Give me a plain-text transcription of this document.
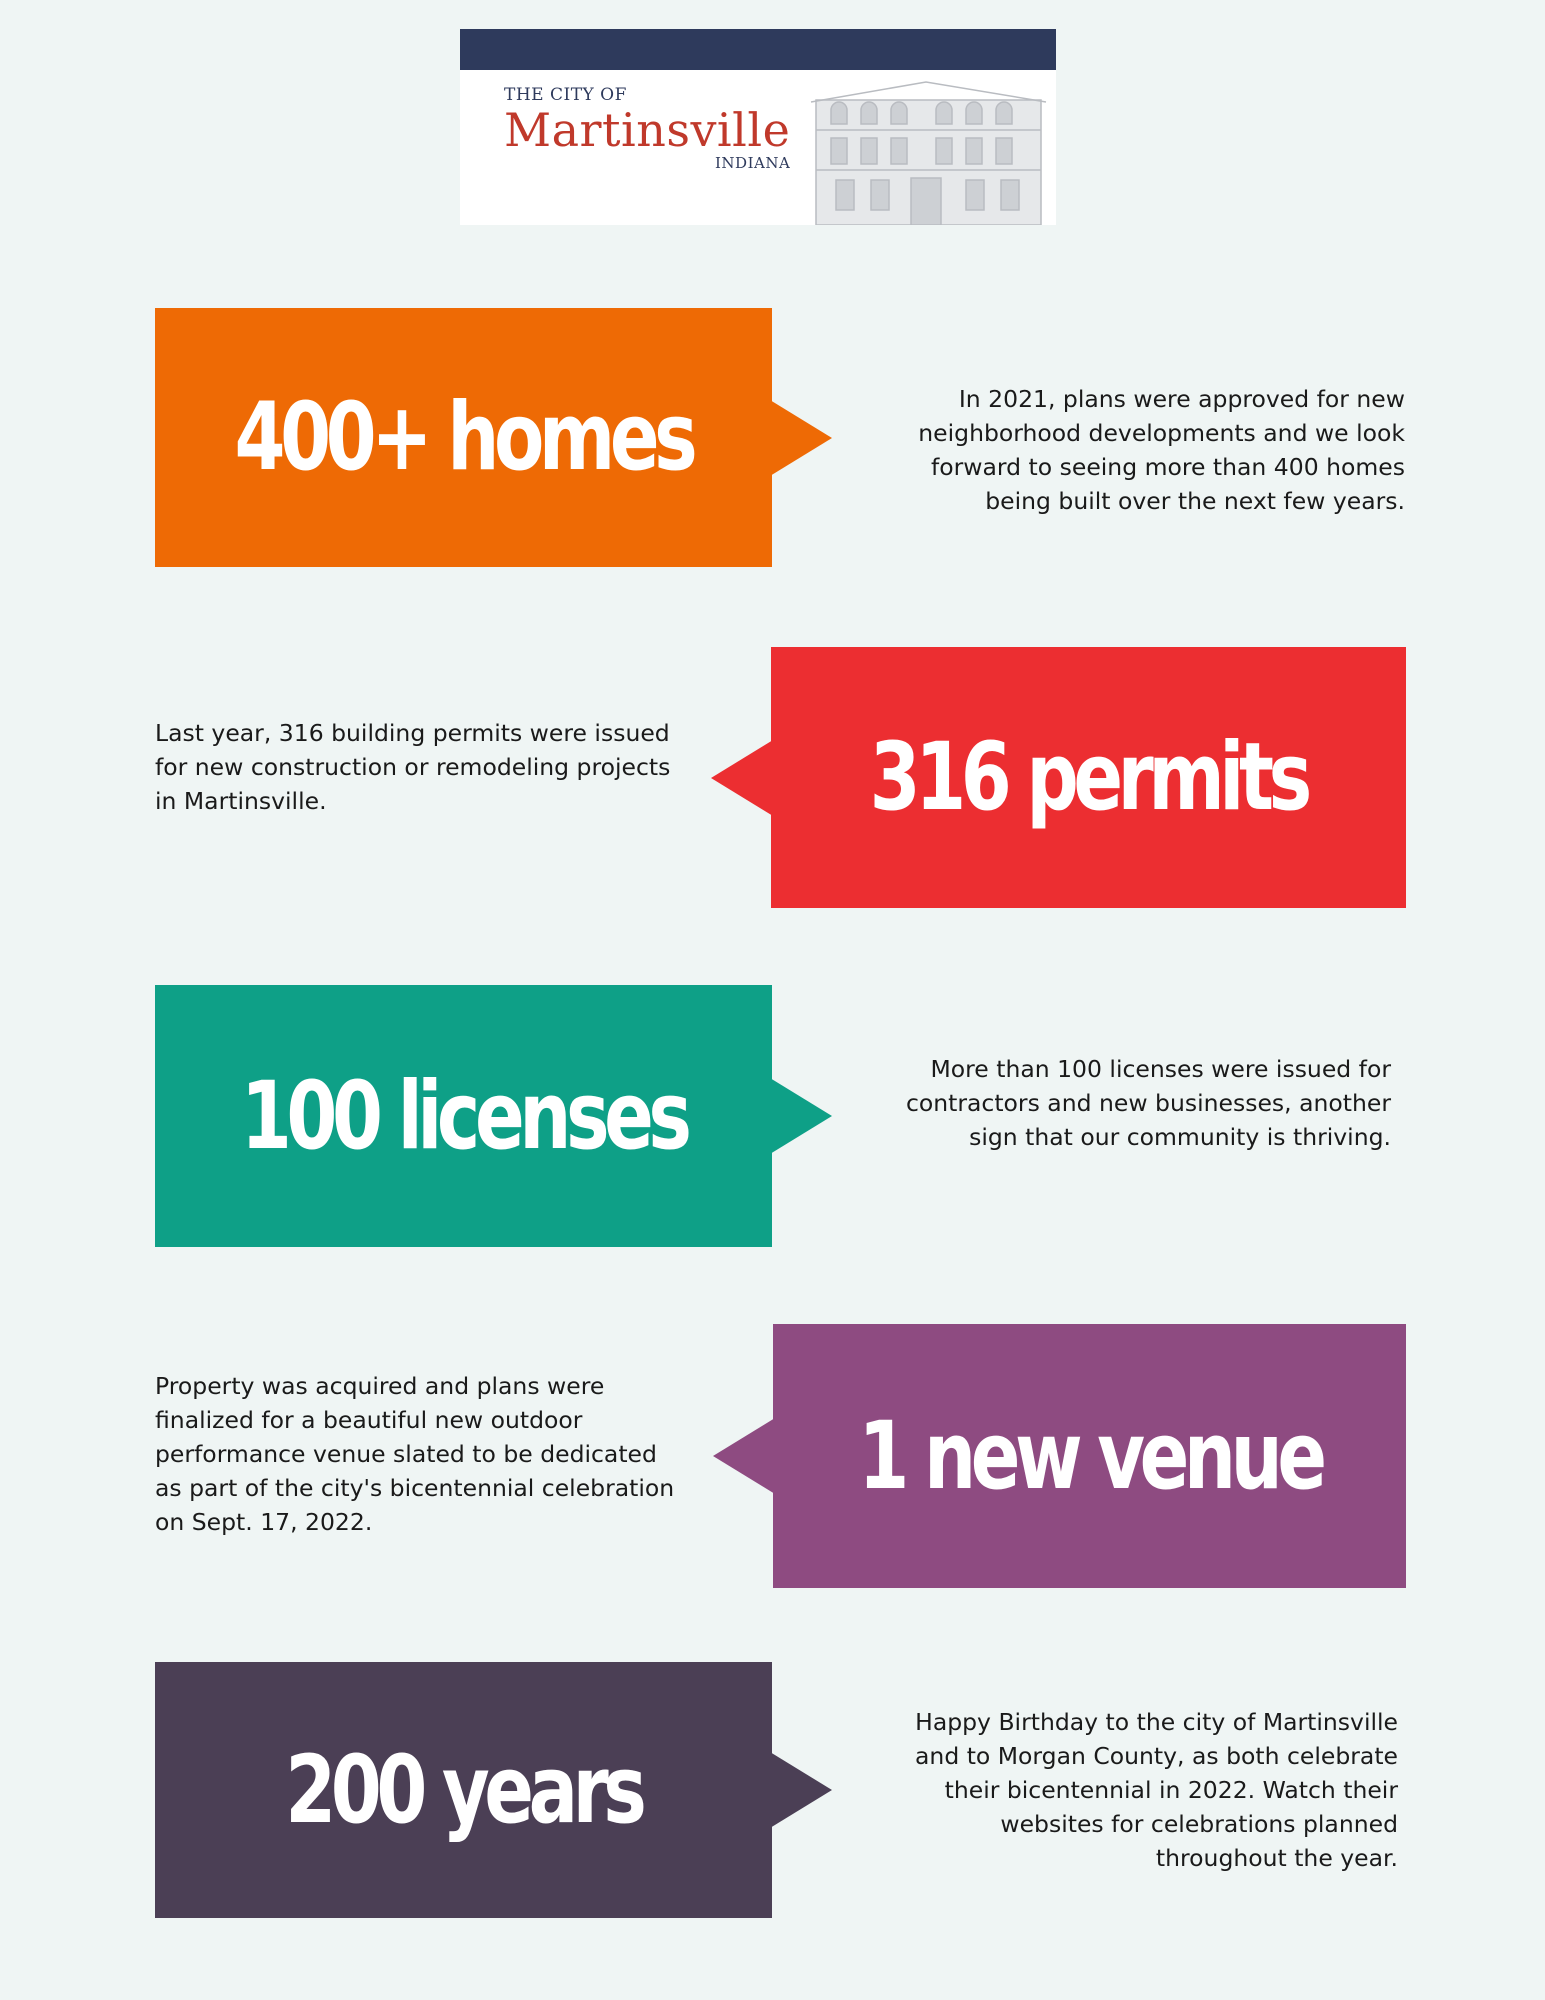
THE CITY OF
Martinsville
INDIANA
400+ homes	In 2021, plans were approved for new neighborhood developments and we look forward to seeing more than 400 homes being built over the next few years.
316 permits
Last year, 316 building permits were issued for new construction or remodeling projects in Martinsville.
100 licenses	More than 100 licenses were issued for contractors and new businesses, another sign that our community is thriving.
1 new venue
Property was acquired and plans were finalized for a beautiful new outdoor performance venue slated to be dedicated as part of the city's bicentennial celebration on Sept. 17, 2022.
200 years
Happy Birthday to the city of Martinsville and to Morgan County, as both celebrate their bicentennial in 2022. Watch their websites for celebrations planned throughout the year.
